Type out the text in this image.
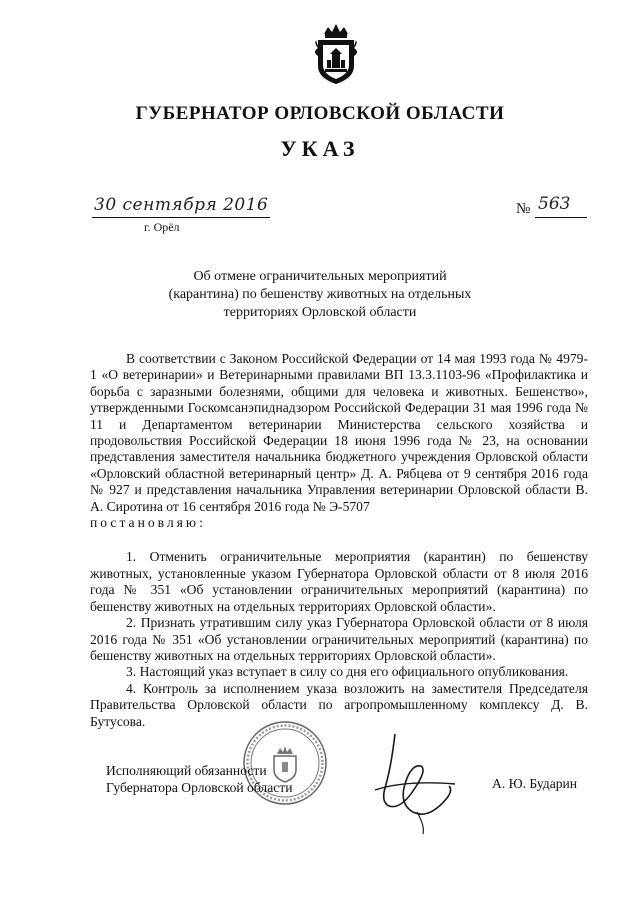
ГУБЕРНАТОР ОРЛОВСКОЙ ОБЛАСТИ
УКАЗ
30 сентября 2016
г. Орёл
№ 563
Об отмене ограничительных мероприятий
(карантина) по бешенству животных на отдельных
территориях Орловской области

В соответствии с Законом Российской Федерации от 14 мая 1993 года № 4979-1 «О ветеринарии» и Ветеринарными правилами ВП 13.3.1103-96 «Профилактика и борьба с заразными болезнями, общими для человека и животных. Бешенство», утвержденными Госкомсанэпиднадзором Российской Федерации 31 мая 1996 года № 11 и Департаментом ветеринарии Министерства сельского хозяйства и продовольствия Российской Федерации 18 июня 1996 года № 23, на основании представления заместителя начальника бюджетного учреждения Орловской области «Орловский областной ветеринарный центр» Д. А. Рябцева от 9 сентября 2016 года № 927 и представления начальника Управления ветеринарии Орловской области В. А. Сиротина от 16 сентября 2016 года № Э-5707

постановляю:

1. Отменить ограничительные мероприятия (карантин) по бешенству животных, установленные указом Губернатора Орловской области от 8 июля 2016 года № 351 «Об установлении ограничительных мероприятий (карантина) по бешенству животных на отдельных территориях Орловской области».

2. Признать утратившим силу указ Губернатора Орловской области от 8 июля 2016 года № 351 «Об установлении ограничительных мероприятий (карантина) по бешенству животных на отдельных территориях Орловской области».

3. Настоящий указ вступает в силу со дня его официального опубликования.

4. Контроль за исполнением указа возложить на заместителя Председателя Правительства Орловской области по агропромышленному комплексу Д. В. Бутусова.

Исполняющий обязанности
Губернатора Орловской области	А. Ю. Бударин
